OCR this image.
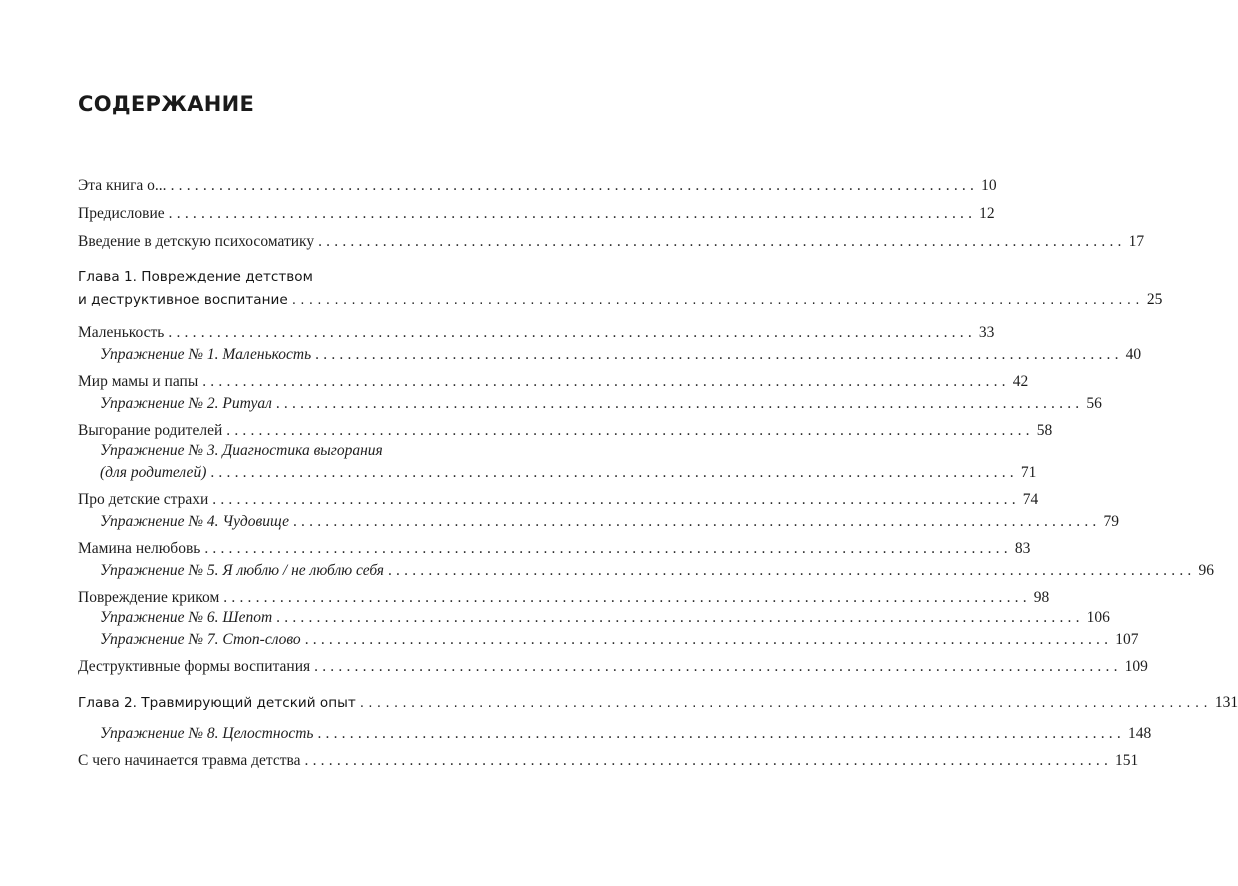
СОДЕРЖАНИЕ
Эта книга о... .................................................................................................... 10
Предисловие .................................................................................................... 12
Введение в детскую психосоматику .................................................................................................... 17
Глава 1. Повреждение детством
и деструктивное воспитание .................................................................................................... 25
Маленькость .................................................................................................... 33
Упражнение № 1. Маленькость .................................................................................................... 40
Мир мамы и папы .................................................................................................... 42
Упражнение № 2. Ритуал .................................................................................................... 56
Выгорание родителей .................................................................................................... 58
Упражнение № 3. Диагностика выгорания
(для родителей) .................................................................................................... 71
Про детские страхи .................................................................................................... 74
Упражнение № 4. Чудовище .................................................................................................... 79
Мамина нелюбовь .................................................................................................... 83
Упражнение № 5. Я люблю / не люблю себя .................................................................................................... 96
Повреждение криком .................................................................................................... 98
Упражнение № 6. Шепот .................................................................................................... 106
Упражнение № 7. Стоп-слово .................................................................................................... 107
Деструктивные формы воспитания .................................................................................................... 109
Глава 2. Травмирующий детский опыт .................................................................................................... 131
Упражнение № 8. Целостность .................................................................................................... 148
С чего начинается травма детства .................................................................................................... 151
